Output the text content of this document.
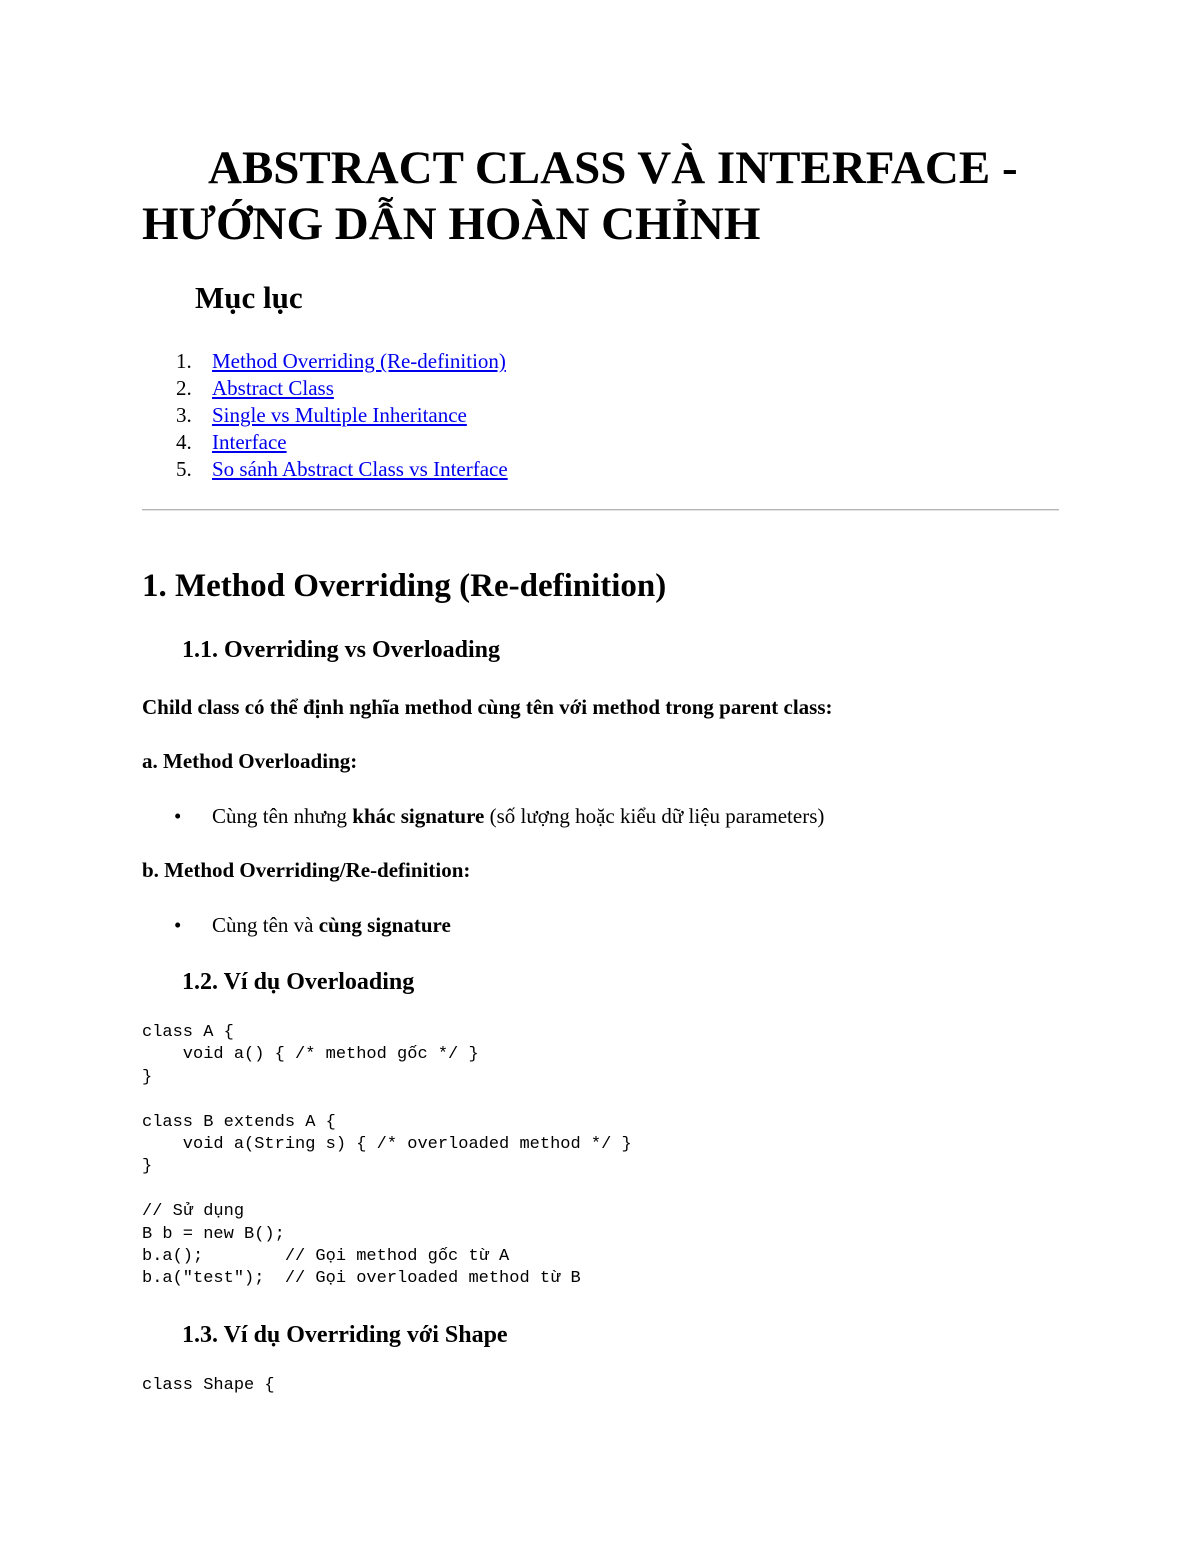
ABSTRACT CLASS VÀ INTERFACE - HƯỚNG DẪN HOÀN CHỈNH
Mục lục
1. Method Overriding (Re-definition)
2. Abstract Class
3. Single vs Multiple Inheritance
4. Interface
5. So sánh Abstract Class vs Interface
1. Method Overriding (Re-definition)
1.1. Overriding vs Overloading

Child class có thể định nghĩa method cùng tên với method trong parent class:

a. Method Overloading:

• Cùng tên nhưng khác signature (số lượng hoặc kiểu dữ liệu parameters)

b. Method Overriding/Re-definition:

• Cùng tên và cùng signature
1.2. Ví dụ Overloading
class A {
void a() { /* method gốc */ }
}

class B extends A {
void a(String s) { /* overloaded method */ }
}

// Sử dụng
B b = new B();
b.a();        // Gọi method gốc từ A
b.a("test");  // Gọi overloaded method từ B
1.3. Ví dụ Overriding với Shape
class Shape {
